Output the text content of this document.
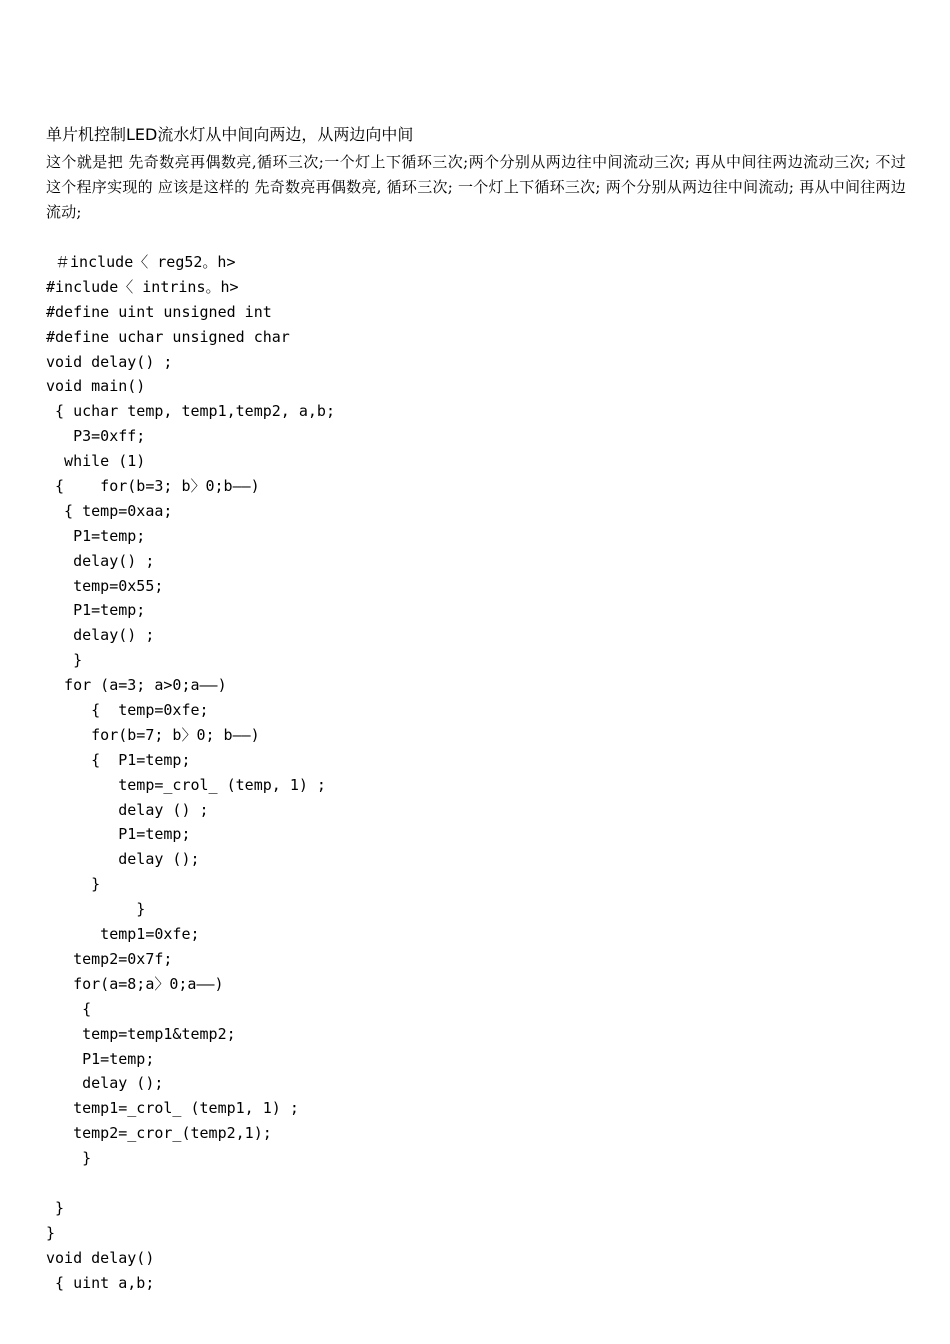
单片机控制LED流水灯从中间向两边，从两边向中间
这个就是把 先奇数亮再偶数亮,循环三次;一个灯上下循环三次;两个分别从两边往中间流动三次; 再从中间往两边流动三次; 不过这个程序实现的 应该是这样的 先奇数亮再偶数亮, 循环三次; 一个灯上下循环三次; 两个分别从两边往中间流动; 再从中间往两边流动;
＃include〈 reg52。h>
#include〈 intrins。h>
#define uint unsigned int
#define uchar unsigned char
void delay() ;
void main()
{ uchar temp, temp1,temp2, a,b;
P3=0xff;
while (1)
{    for(b=3; b〉0;b——)
{ temp=0xaa;
P1=temp;
delay() ;
temp=0x55;
P1=temp;
delay() ;
}
for (a=3; a>0;a——)
{  temp=0xfe;
for(b=7; b〉0; b——)
{  P1=temp;
temp=_crol_ (temp, 1) ;
delay () ;
P1=temp;
delay ();
}
}
temp1=0xfe;
temp2=0x7f;
for(a=8;a〉0;a——)
{
temp=temp1&temp2;
P1=temp;
delay ();
temp1=_crol_ (temp1, 1) ;
temp2=_cror_(temp2,1);
}
}
}
void delay()
{ uint a,b;
